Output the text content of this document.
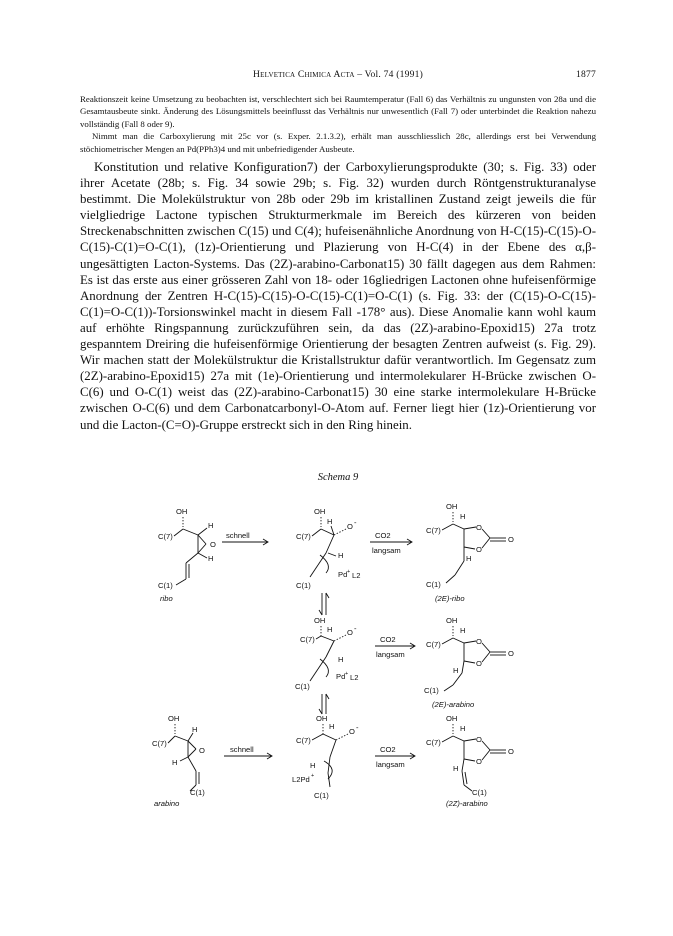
Helvetica Chimica Acta – Vol. 74 (1991)	1877

Reaktionszeit keine Umsetzung zu beobachten ist, verschlechtert sich bei Raumtemperatur (Fall 6) das Verhältnis zu ungunsten von 28a und die Gesamtausbeute sinkt. Änderung des Lösungsmittels beeinflusst das Verhältnis nur unwesentlich (Fall 7) oder unterbindet die Reaktion nahezu vollständig (Fall 8 oder 9).

Nimmt man die Carboxylierung mit 25c vor (s. Exper. 2.1.3.2), erhält man ausschliesslich 28c, allerdings erst bei Verwendung stöchiometrischer Mengen an Pd(PPh3)4 und mit unbefriedigender Ausbeute.

Konstitution und relative Konfiguration7) der Carboxylierungsprodukte (30; s. Fig. 33) oder ihrer Acetate (28b; s. Fig. 34 sowie 29b; s. Fig. 32) wurden durch Röntgenstrukturanalyse bestimmt. Die Molekülstruktur von 28b oder 29b im kristallinen Zustand zeigt jeweils die für vielgliedrige Lactone typischen Strukturmerkmale im Bereich des kürzeren von beiden Streckenabschnitten zwischen C(15) und C(4); hufeisenähnliche Anordnung von H-C(15)-C(15)-O-C(15)-C(1)=O-C(1), (1z)-Orientierung und Plazierung von H-C(4) in der Ebene des α,β-ungesättigten Lacton-Systems. Das (2Z)-arabino-Carbonat15) 30 fällt dagegen aus dem Rahmen: Es ist das erste aus einer grösseren Zahl von 18- oder 16gliedrigen Lactonen ohne hufeisenförmige Anordnung der Zentren H-C(15)-C(15)-O-C(15)-C(1)=O-C(1) (s. Fig. 33: der (C(15)-O-C(15)-C(1)=O-C(1))-Torsionswinkel macht in diesem Fall -178° aus). Diese Anomalie kann wohl kaum auf erhöhte Ringspannung zurückzuführen sein, da das (2Z)-arabino-Epoxid15) 27a trotz gespanntem Dreiring die hufeisenförmige Orientierung der besagten Zentren aufweist (s. Fig. 29). Wir machen statt der Molekülstruktur die Kristallstruktur dafür verantwortlich. Im Gegensatz zum (2Z)-arabino-Epoxid15) 27a mit (1e)-Orientierung und intermolekularer H-Brücke zwischen O-C(6) und O-C(1) weist das (2Z)-arabino-Carbonat15) 30 eine starke intermolekulare H-Brücke zwischen O-C(6) und dem Carbonatcarbonyl-O-Atom auf. Ferner liegt hier (1z)-Orientierung vor und die Lacton-(C=O)-Gruppe erstreckt sich in den Ring hinein.

Schema 9
OH
C(7)
H
O
H
C(1)
ribo
schnell
OH
C(7)
H
O -
H
Pd + L2
C(1)
CO2
langsam
OH
C(7)
H
O
O
O
H
C(1)
(2E)-ribo
OH
C(7)
H O -
H
Pd + L2
C(1)
CO2
langsam
OH
C(7)
H
O
O
O
H
C(1)
(2E)-arabino
OH
C(7)
H
O
H
C(1)
arabino
schnell
OH
C(7)
H
O -
H
L2Pd +
C(1)
CO2
langsam
OH
C(7)
H
O
O
O
H
C(1)
(2Z)-arabino
